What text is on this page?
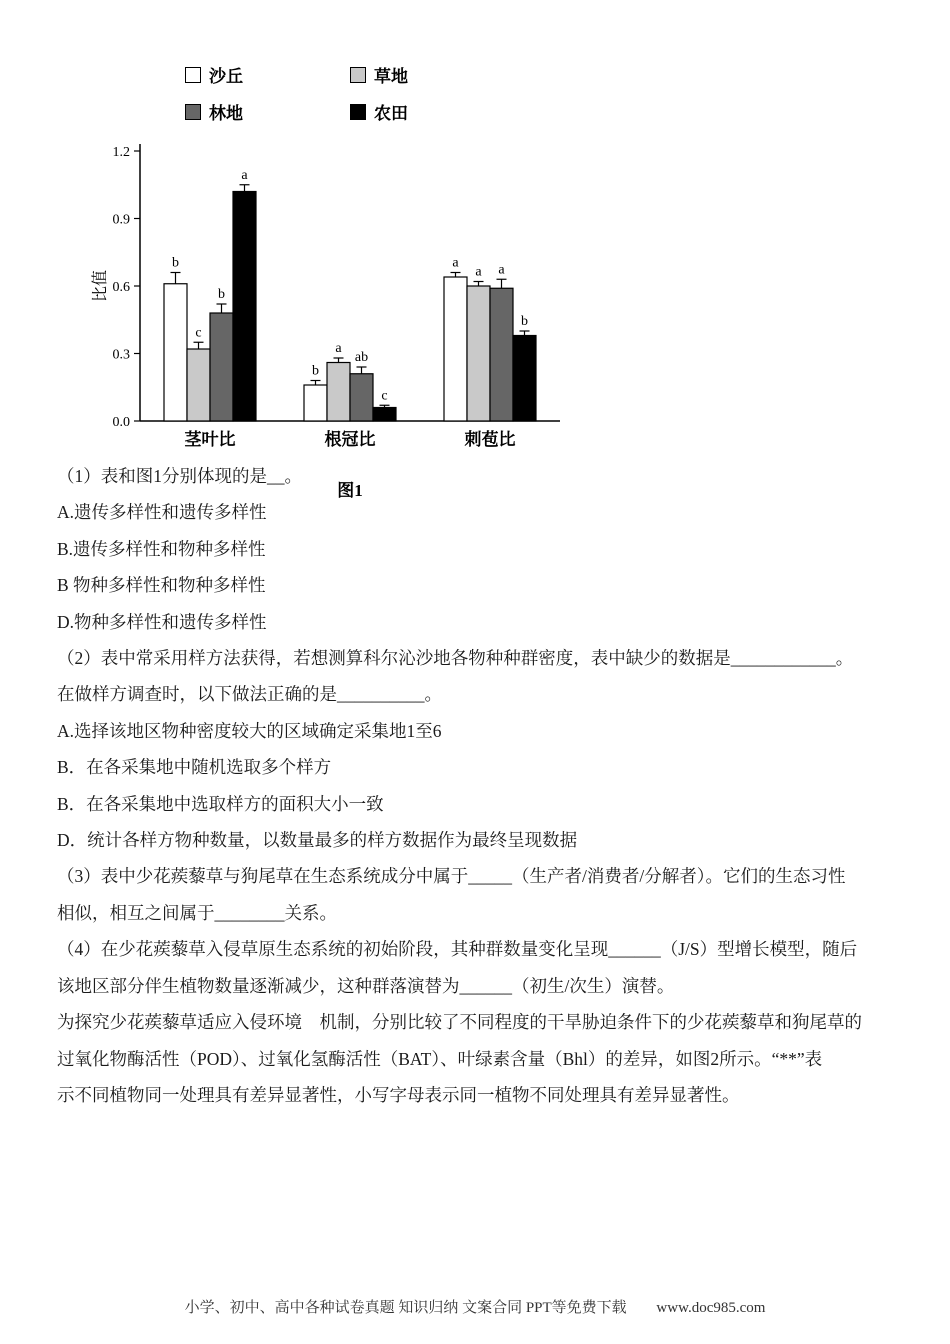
沙丘	草地
林地	农田
0.0
0.3
0.6
0.9
1.2
比值
b
c
b
a
茎叶比
b
a
ab
c
根冠比
a
a a
b
刺苞比
图1
（1）表和图1分别体现的是__。
A.遗传多样性和遗传多样性
B.遗传多样性和物种多样性
B 物种多样性和物种多样性
D.物种多样性和遗传多样性
（2）表中常采用样方法获得，若想测算科尔沁沙地各物种种群密度，表中缺少的数据是____________。
在做样方调查时，以下做法正确的是__________。
A.选择该地区物种密度较大的区域确定采集地1至6
B．在各采集地中随机选取多个样方
B．在各采集地中选取样方的面积大小一致
D．统计各样方物种数量，以数量最多的样方数据作为最终呈现数据
（3）表中少花蒺藜草与狗尾草在生态系统成分中属于_____（生产者/消费者/分解者）。它们的生态习性
相似，相互之间属于________关系。
（4）在少花蒺藜草入侵草原生态系统的初始阶段，其种群数量变化呈现______（J/S）型增长模型，随后
该地区部分伴生植物数量逐渐减少，这种群落演替为______（初生/次生）演替。
为探究少花蒺藜草适应入侵环境　机制，分别比较了不同程度的干旱胁迫条件下的少花蒺藜草和狗尾草的
过氧化物酶活性（POD）、过氧化氢酶活性（BAT）、叶绿素含量（Bhl）的差异，如图2所示。“**”表
示不同植物同一处理具有差异显著性，小写字母表示同一植物不同处理具有差异显著性。
小学、初中、高中各种试卷真题 知识归纳 文案合同 PPT等免费下载 www.doc985.com
